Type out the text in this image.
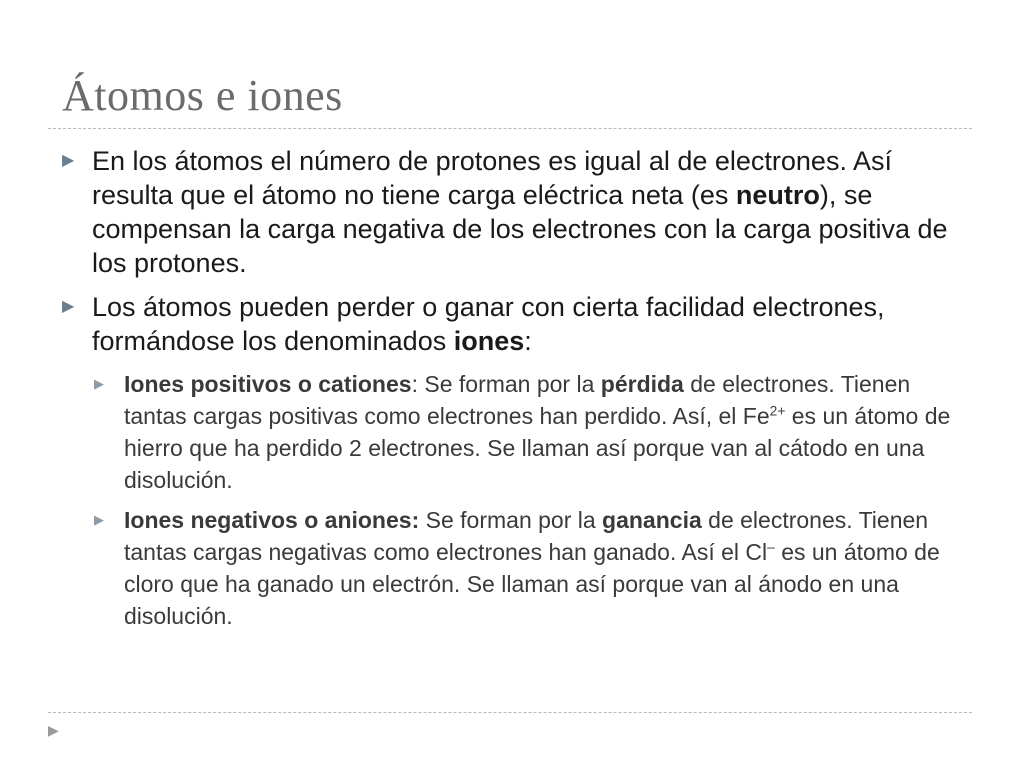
Átomos e iones
▶ En los átomos el número de protones es igual al de electrones. Así resulta que el átomo no tiene carga eléctrica neta (es neutro), se compensan la carga negativa de los electrones con la carga positiva de los protones.
▶ Los átomos pueden perder o ganar con cierta facilidad electrones, formándose los denominados iones:
▶ Iones positivos o cationes: Se forman por la pérdida de electrones. Tienen tantas cargas positivas como electrones han perdido. Así, el $Fe^{2+}$ es un átomo de hierro que ha perdido 2 electrones. Se llaman así porque van al cátodo en una disolución.
▶ Iones negativos o aniones: Se forman por la ganancia de electrones. Tienen tantas cargas negativas como electrones han ganado. Así el Cl– es un átomo de cloro que ha ganado un electrón. Se llaman así porque van al ánodo en una disolución.
▶
